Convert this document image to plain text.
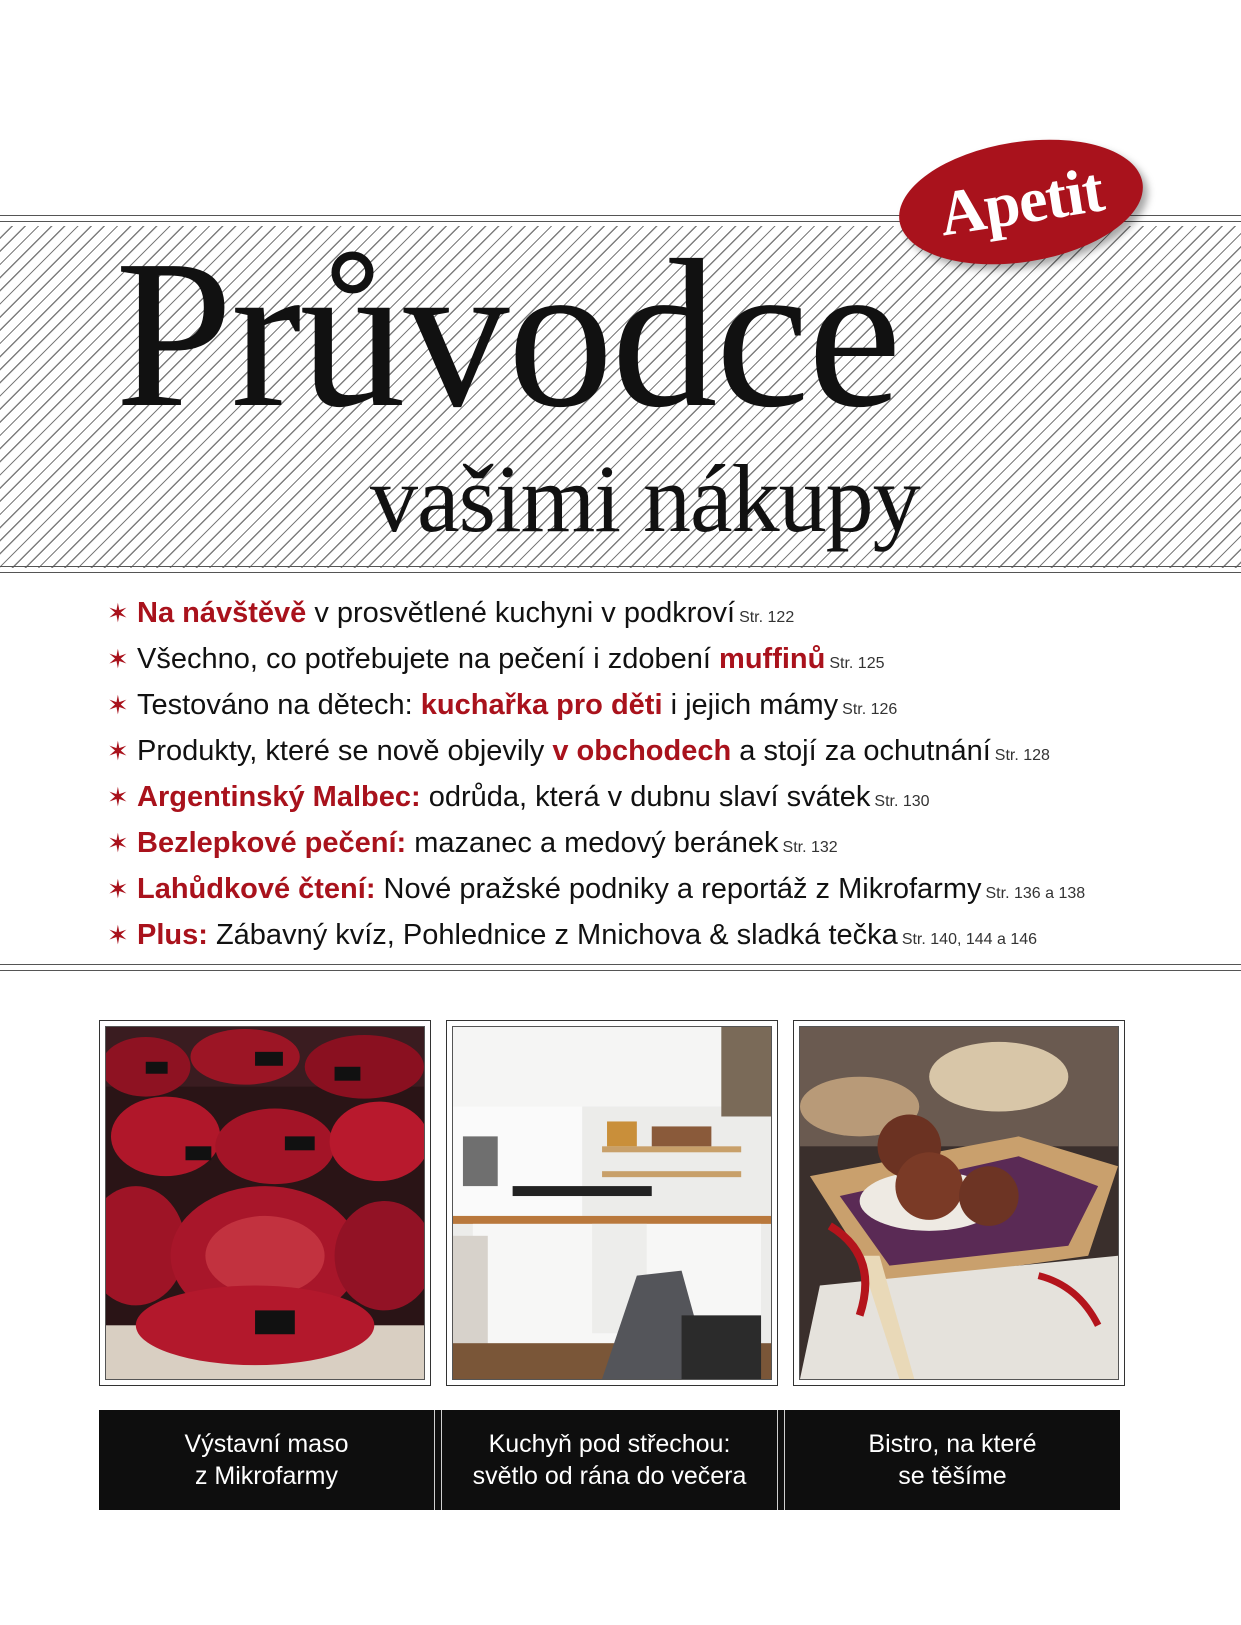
Apetit
Průvodce
vašimi nákupy
✶ Na návštěvě v prosvětlené kuchyni v podkroví Str. 122
✶ Všechno, co potřebujete na pečení i zdobení muffinů Str. 125
✶ Testováno na dětech: kuchařka pro děti i jejich mámy Str. 126
✶ Produkty, které se nově objevily v obchodech a stojí za ochutnání Str. 128
✶ Argentinský Malbec: odrůda, která v dubnu slaví svátek Str. 130
✶ Bezlepkové pečení: mazanec a medový beránek Str. 132
✶ Lahůdkové čtení: Nové pražské podniky a reportáž z Mikrofarmy Str. 136 a 138
✶ Plus: Zábavný kvíz, Pohlednice z Mnichova & sladká tečka Str. 140, 144 a 146
Výstavní maso
z Mikrofarmy
Kuchyň pod střechou:
světlo od rána do večera
Bistro, na které
se těšíme
